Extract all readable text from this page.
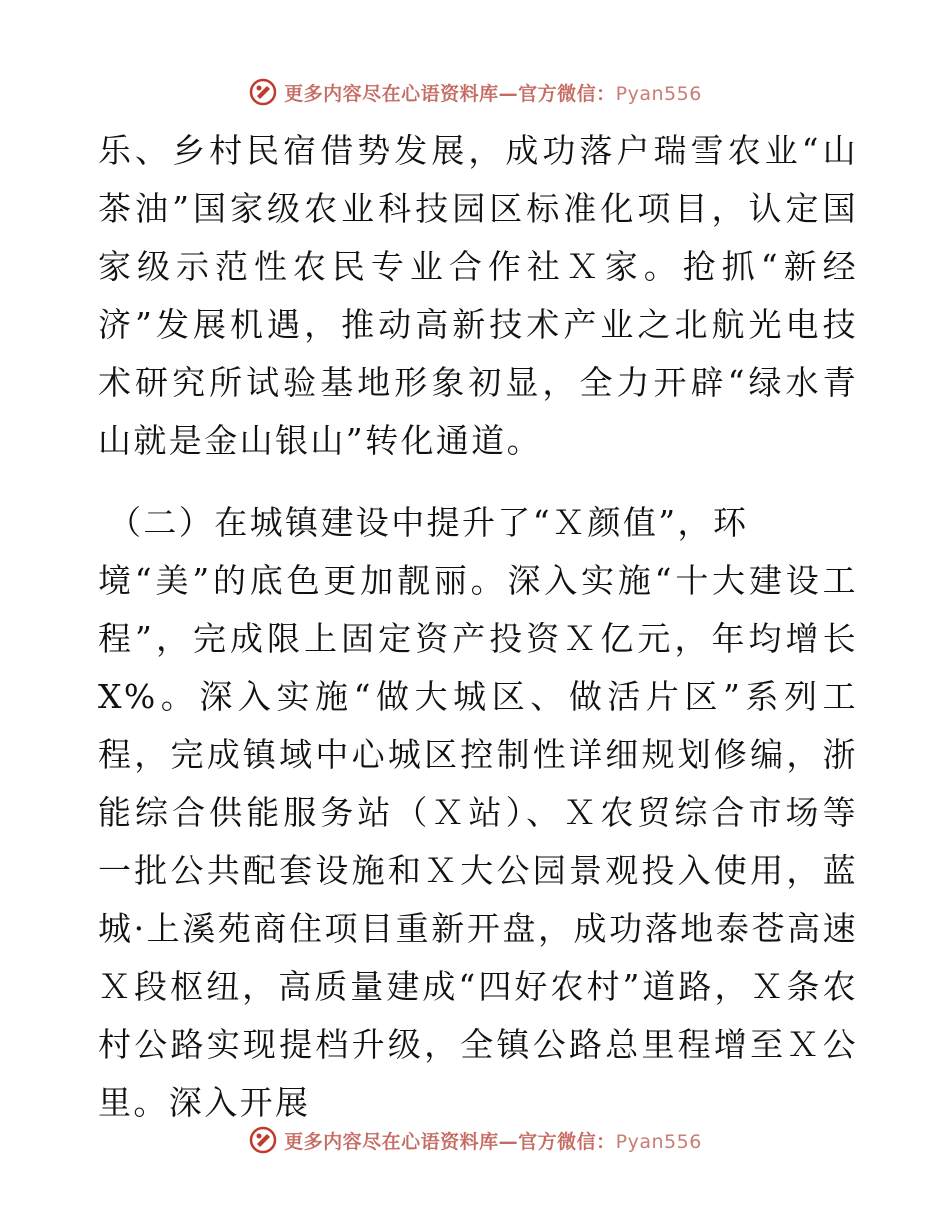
更多内容尽在心语资料库—官方微信：Pyan556

乐、乡村民宿借势发展，成功落户瑞雪农业“山茶油”国家级农业科技园区标准化项目，认定国家级示范性农民专业合作社Ｘ家。抢抓“新经济”发展机遇，推动高新技术产业之北航光电技术研究所试验基地形象初显，全力开辟“绿水青山就是金山银山”转化通道。

（二）在城镇建设中提升了“Ｘ颜值”，环

境“美”的底色更加靓丽。深入实施“十大建设工程”，完成限上固定资产投资Ｘ亿元，年均增长X%。深入实施“做大城区、做活片区”系列工程，完成镇域中心城区控制性详细规划修编，浙能综合供能服务站（Ｘ站）、Ｘ农贸综合市场等一批公共配套设施和Ｘ大公园景观投入使用，蓝城·上溪苑商住项目重新开盘，成功落地泰苍高速Ｘ段枢纽，高质量建成“四好农村”道路，Ｘ条农村公路实现提档升级，全镇公路总里程增至Ｘ公里。深入开展

更多内容尽在心语资料库—官方微信：Pyan556
